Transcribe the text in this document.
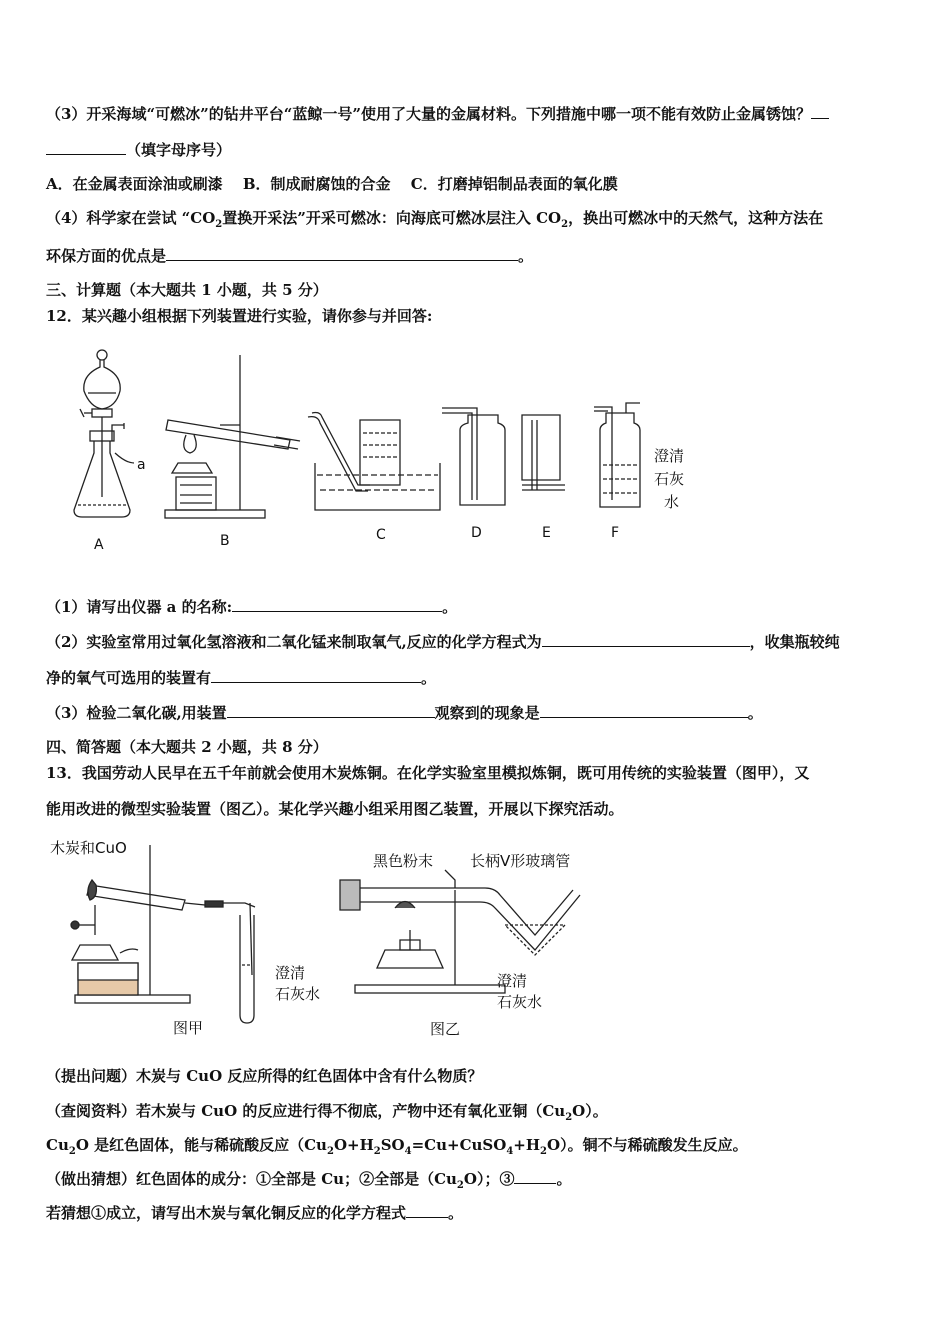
（3）开采海域“可燃冰”的钻井平台“蓝鲸一号”使用了大量的金属材料。下列措施中哪一项不能有效防止金属锈蚀？
（填字母序号）
A．在金属表面涂油或刷漆　 B．制成耐腐蚀的合金　 C．打磨掉铝制品表面的氧化膜
（4）科学家在尝试 “$CO_2$置换开采法”开采可燃冰：向海底可燃冰层注入 $CO_2$，换出可燃冰中的天然气，这种方法在
环保方面的优点是	。
三、计算题（本大题共 1 小题，共 5 分）
12．某兴趣小组根据下列装置进行实验，请你参与并回答:
a
A	B	C	D	E	F
澄清
石灰
水
（1）请写出仪器 a 的名称:	。
（2）实验室常用过氧化氢溶液和二氧化锰来制取氧气,反应的化学方程式为	，收集瓶较纯
净的氧气可选用的装置有	。
（3）检验二氧化碳,用装置	观察到的现象是	。
四、简答题（本大题共 2 小题，共 8 分）
13．我国劳动人民早在五千年前就会使用木炭炼铜。在化学实验室里模拟炼铜，既可用传统的实验装置（图甲），又
能用改进的微型实验装置（图乙）。某化学兴趣小组采用图乙装置，开展以下探究活动。
木炭和CuO
澄清
石灰水
图甲
黑色粉末 长柄V形玻璃管
澄清
石灰水
图乙
（提出问题）木炭与 CuO 反应所得的红色固体中含有什么物质？
（查阅资料）若木炭与 CuO 的反应进行得不彻底，产物中还有氧化亚铜$(Cu_2O)$。
$Cu_2O$ 是红色固体，能与稀硫酸反应$(Cu_2O+H_2SO_4=Cu+CuSO_4+H_2O)$。铜不与稀硫酸发生反应。
（做出猜想）红色固体的成分：①全部是 Cu；②全部是$(Cu_2O)$；③	。
若猜想①成立，请写出木炭与氧化铜反应的化学方程式	。
